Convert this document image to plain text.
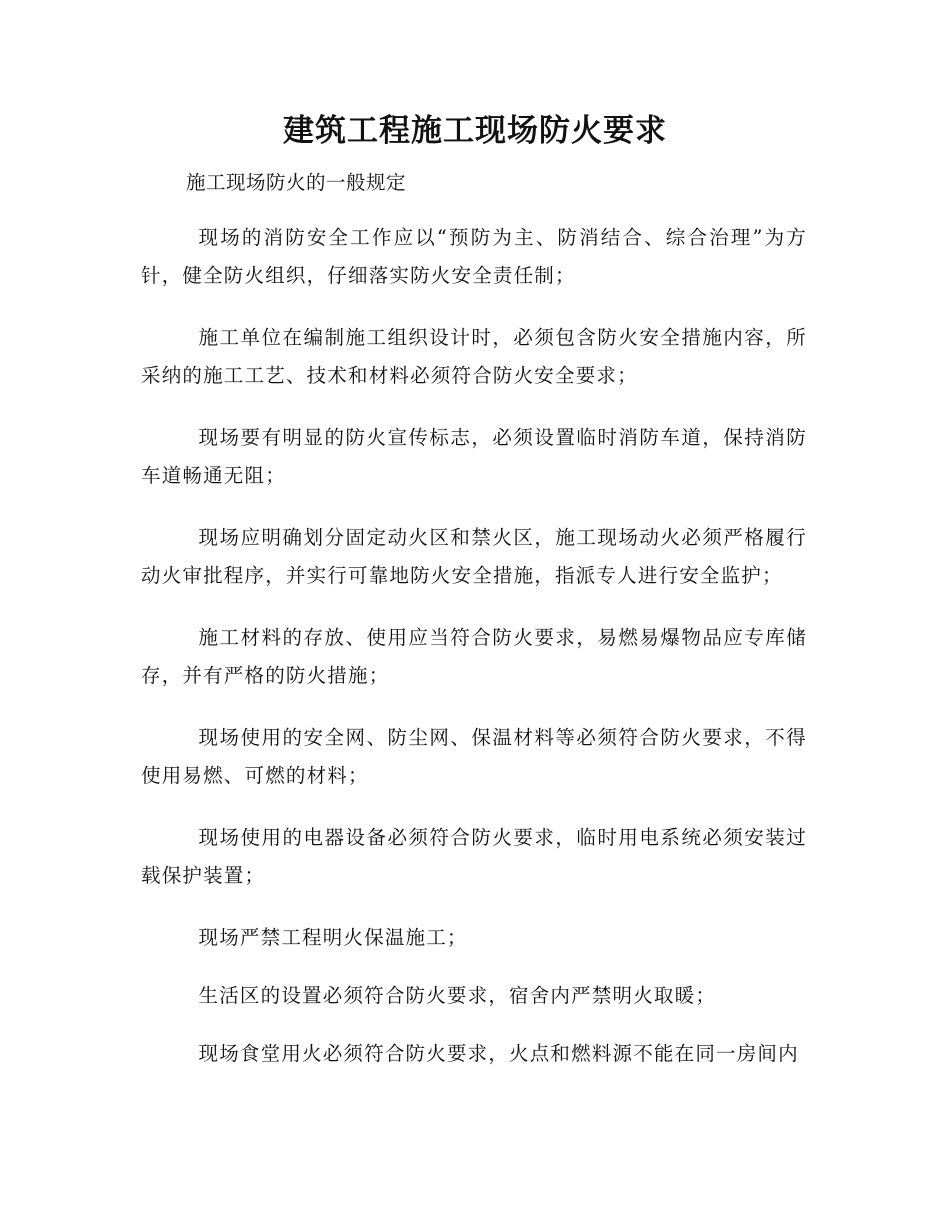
建筑工程施工现场防火要求

施工现场防火的一般规定

现场的消防安全工作应以“预防为主、防消结合、综合治理”为方针，健全防火组织，仔细落实防火安全责任制；

施工单位在编制施工组织设计时，必须包含防火安全措施内容，所采纳的施工工艺、技术和材料必须符合防火安全要求；

现场要有明显的防火宣传标志，必须设置临时消防车道，保持消防车道畅通无阻；

现场应明确划分固定动火区和禁火区，施工现场动火必须严格履行动火审批程序，并实行可靠地防火安全措施，指派专人进行安全监护；

施工材料的存放、使用应当符合防火要求，易燃易爆物品应专库储存，并有严格的防火措施；

现场使用的安全网、防尘网、保温材料等必须符合防火要求，不得使用易燃、可燃的材料；

现场使用的电器设备必须符合防火要求，临时用电系统必须安装过载保护装置；

现场严禁工程明火保温施工；

生活区的设置必须符合防火要求，宿舍内严禁明火取暖；

现场食堂用火必须符合防火要求，火点和燃料源不能在同一房间内
